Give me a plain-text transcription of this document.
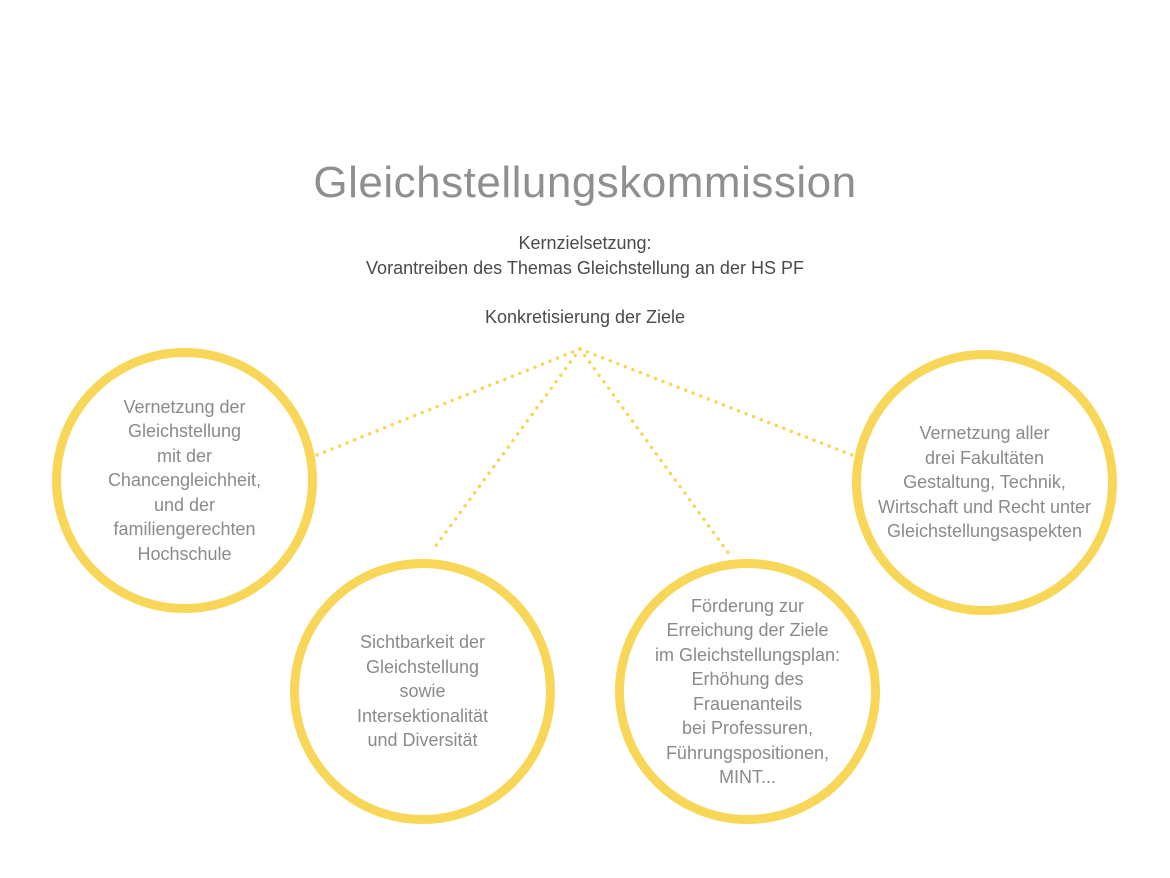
Gleichstellungskommission
Kernzielsetzung:
Vorantreiben des Themas Gleichstellung an der HS PF
Konkretisierung der Ziele
Vernetzung der
Gleichstellung
mit der
Chancengleichheit,
und der
familiengerechten
Hochschule
Sichtbarkeit der
Gleichstellung
sowie
Intersektionalität
und Diversität
Förderung zur
Erreichung der Ziele
im Gleichstellungsplan:
Erhöhung des
Frauenanteils
bei Professuren,
Führungspositionen,
MINT...
Vernetzung aller
drei Fakultäten
Gestaltung, Technik,
Wirtschaft und Recht unter
Gleichstellungsaspekten
